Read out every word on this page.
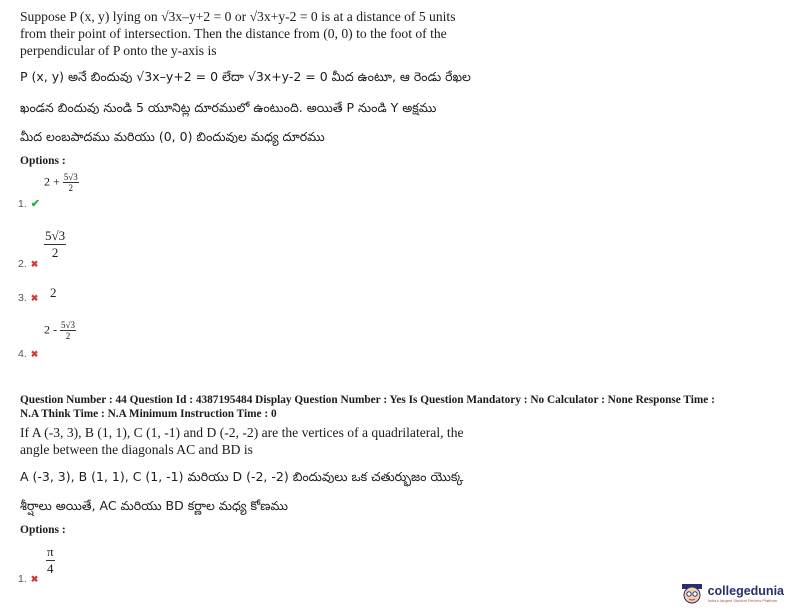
Suppose P (x, y) lying on √3x–y+2 = 0 or √3x+y-2 = 0 is at a distance of 5 units
from their point of intersection. Then the distance from (0, 0) to the foot of the
perpendicular of P onto the y-axis is
P (x, y) అనే బిందువు √3x–y+2 = 0 లేదా √3x+y-2 = 0 మీద ఉంటూ, ఆ రెండు రేఖల
ఖండన బిందువు నుండి 5 యూనిట్ల దూరములో ఉంటుంది. అయితే P నుండి Y అక్షము
మీద లంబపాదము మరియు (0, 0) బిందువుల మధ్య దూరము
Options :
$2 + \frac{5√3}{2}$
1. ✔
$\frac{5√3}{2}$
2. ✖
3. ✖ 2
$2 - \frac{5√3}{2}$
4. ✖
Question Number : 44 Question Id : 4387195484 Display Question Number : Yes Is Question Mandatory : No Calculator : None Response Time :
N.A Think Time : N.A Minimum Instruction Time : 0
If A (-3, 3), B (1, 1), C (1, -1) and D (-2, -2) are the vertices of a quadrilateral, the
angle between the diagonals AC and BD is
A (-3, 3), B (1, 1), C (1, -1) మరియు D (-2, -2) బిందువులు ఒక చతుర్భుజం యొక్క
శీర్షాలు అయితే, AC మరియు BD కర్ణాల మధ్య కోణము
Options :
$\frac{\pi}{4}$
1. ✖
collegedunia
India's largest Student Review Platform
